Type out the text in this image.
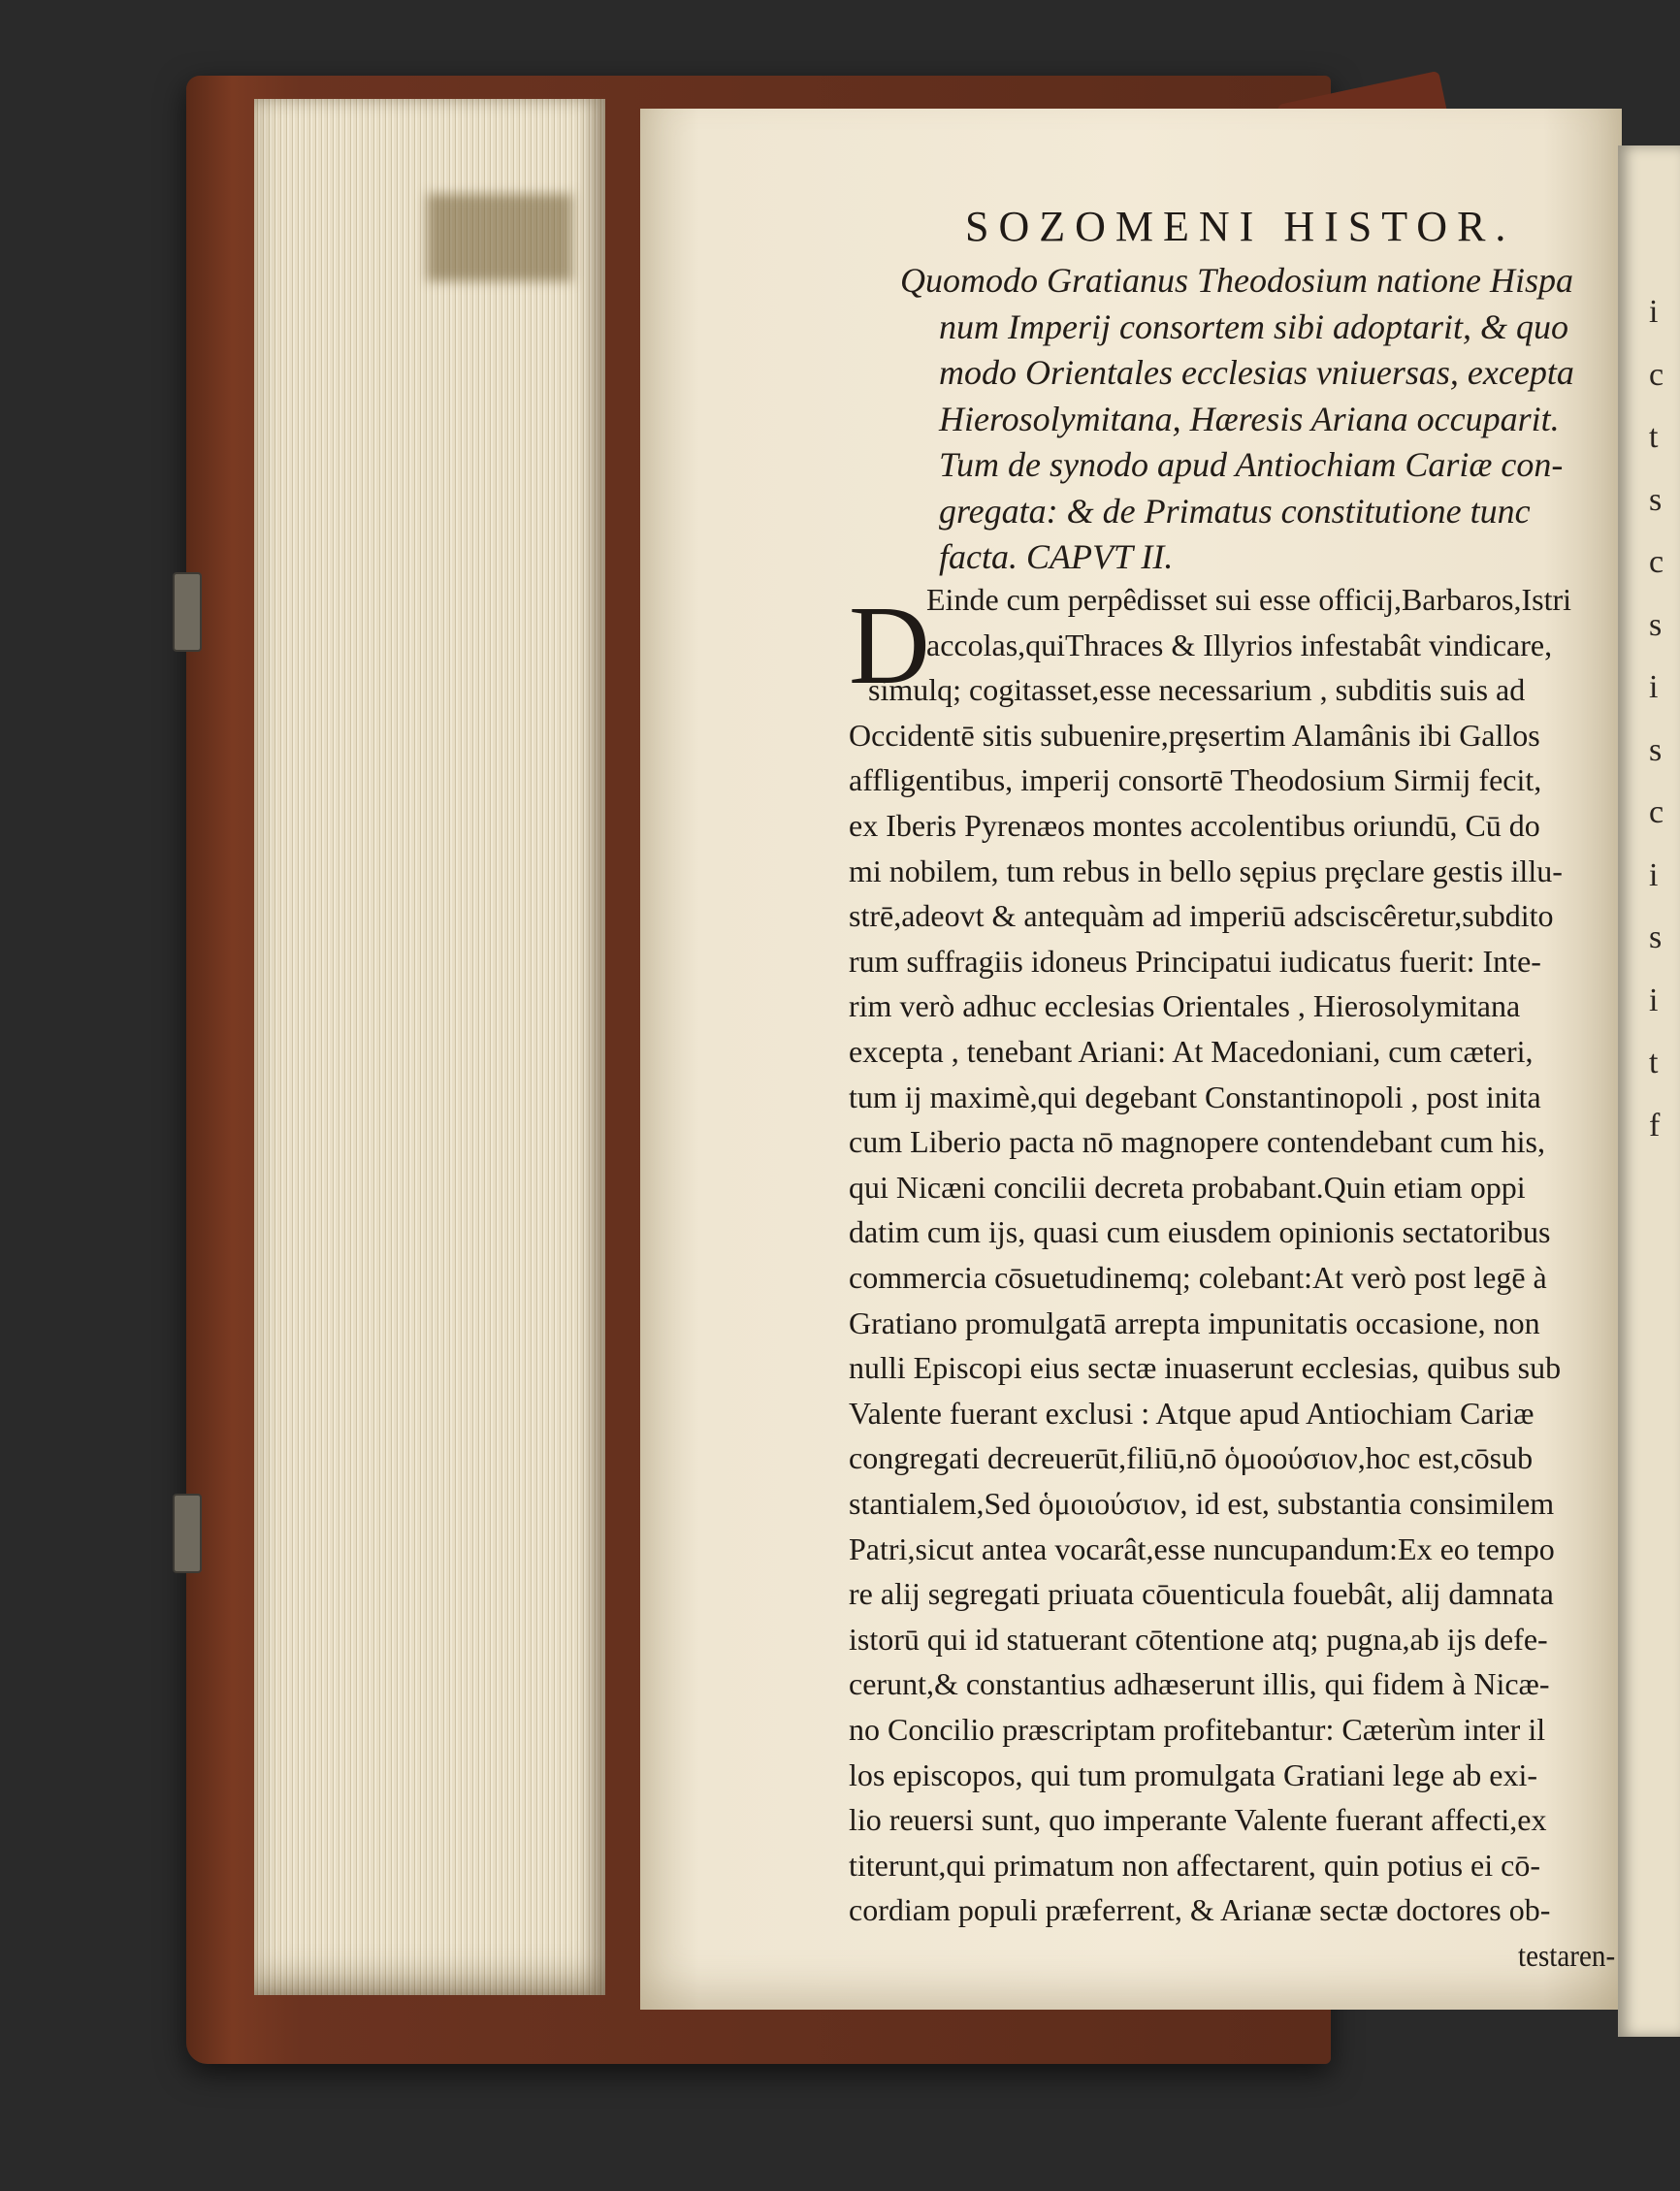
i
c
t
s
c
s
i
s
c
i
s
i
t
f
SOZOMENI HISTOR.
Quomodo Gratianus Theodosium natione Hispa
num Imperij consortem sibi adoptarit, & quo
modo Orientales ecclesias vniuersas, excepta
Hierosolymitana, Hæresis Ariana occuparit.
Tum de synodo apud Antiochiam Cariæ con-
gregata: & de Primatus constitutione tunc
facta. CAPVT II.
D
Einde cum perpêdisset sui esse officij,Barbaros,Istri
accolas,quiThraces & Illyrios infestabât vindicare,
simulq; cogitasset,esse necessarium , subditis suis ad
Occidentē sitis subuenire,prȩsertim Alamânis ibi Gallos
affligentibus, imperij consortē Theodosium Sirmij fecit,
ex Iberis Pyrenæos montes accolentibus oriundū, Cū do
mi nobilem, tum rebus in bello sępius prȩclare gestis illu-
strē,adeovt & antequàm ad imperiū adsciscêretur,subdito
rum suffragiis idoneus Principatui iudicatus fuerit: Inte-
rim verò adhuc ecclesias Orientales , Hierosolymitana
excepta , tenebant Ariani: At Macedoniani, cum cæteri,
tum ij maximè,qui degebant Constantinopoli , post inita
cum Liberio pacta nō magnopere contendebant cum his,
qui Nicæni concilii decreta probabant.Quin etiam oppi
datim cum ijs, quasi cum eiusdem opinionis sectatoribus
commercia cōsuetudinemq; colebant:At verò post legē à
Gratiano promulgatā arrepta impunitatis occasione, non
nulli Episcopi eius sectæ inuaserunt ecclesias, quibus sub
Valente fuerant exclusi : Atque apud Antiochiam Cariæ
congregati decreuerūt,filiū,nō ὁμοούσιον,hoc est,cōsub
stantialem,Sed ὁμοιούσιον, id est, substantia consimilem
Patri,sicut antea vocarât,esse nuncupandum:Ex eo tempo
re alij segregati priuata cōuenticula fouebât, alij damnata
istorū qui id statuerant cōtentione atq; pugna,ab ijs defe-
cerunt,& constantius adhæserunt illis, qui fidem à Nicæ-
no Concilio præscriptam profitebantur: Cæterùm inter il
los episcopos, qui tum promulgata Gratiani lege ab exi-
lio reuersi sunt, quo imperante Valente fuerant affecti,ex
titerunt,qui primatum non affectarent, quin potius ei cō-
cordiam populi præferrent, & Arianæ sectæ doctores ob-
testaren-
